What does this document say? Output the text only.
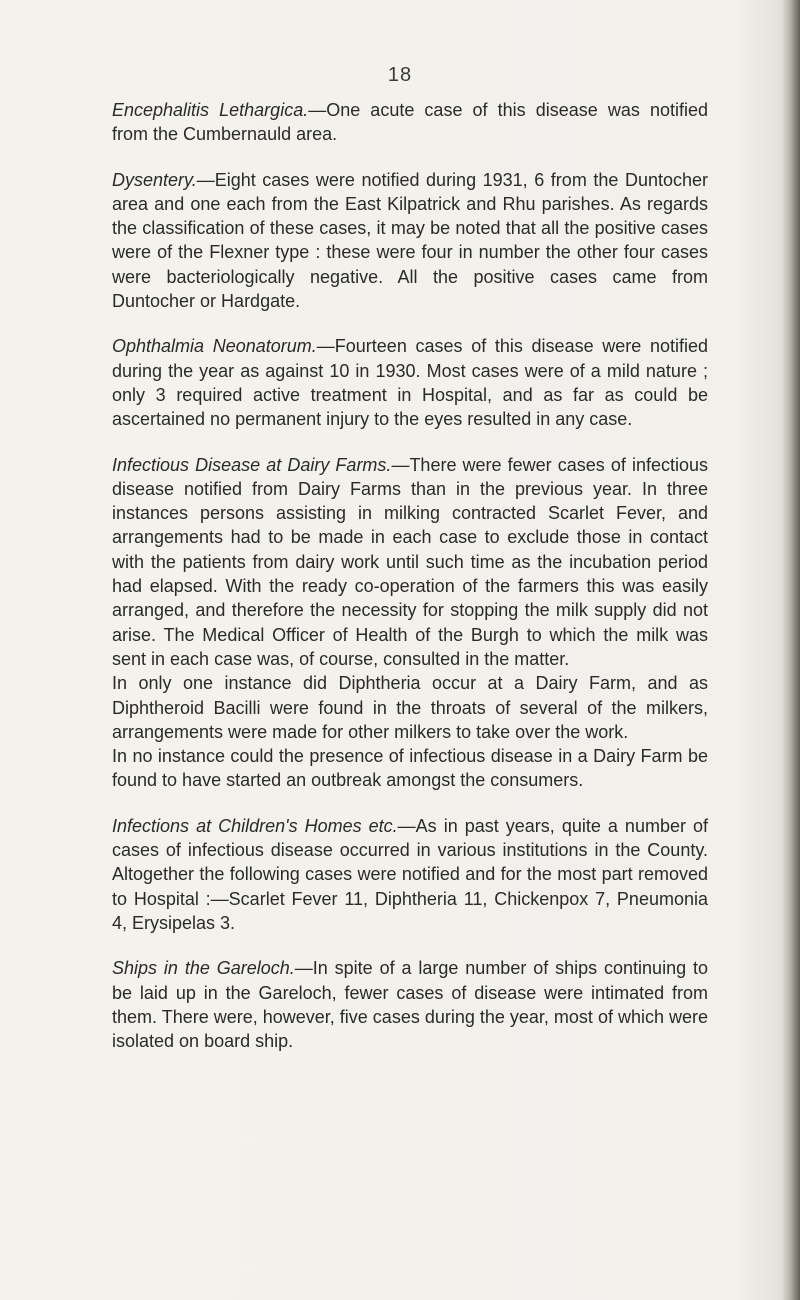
18

Encephalitis Lethargica.—One acute case of this disease was notified from the Cumbernauld area.

Dysentery.—Eight cases were notified during 1931, 6 from the Duntocher area and one each from the East Kilpatrick and Rhu parishes. As regards the classification of these cases, it may be noted that all the positive cases were of the Flexner type : these were four in number the other four cases were bacteriologically negative. All the positive cases came from Duntocher or Hardgate.

Ophthalmia Neonatorum.—Fourteen cases of this disease were notified during the year as against 10 in 1930. Most cases were of a mild nature ; only 3 required active treatment in Hospital, and as far as could be ascertained no permanent injury to the eyes resulted in any case.

Infectious Disease at Dairy Farms.—There were fewer cases of infectious disease notified from Dairy Farms than in the previous year. In three instances persons assisting in milking contracted Scarlet Fever, and arrangements had to be made in each case to exclude those in contact with the patients from dairy work until such time as the incubation period had elapsed. With the ready co-operation of the farmers this was easily arranged, and therefore the necessity for stopping the milk supply did not arise. The Medical Officer of Health of the Burgh to which the milk was sent in each case was, of course, consulted in the matter.

In only one instance did Diphtheria occur at a Dairy Farm, and as Diphtheroid Bacilli were found in the throats of several of the milkers, arrangements were made for other milkers to take over the work.

In no instance could the presence of infectious disease in a Dairy Farm be found to have started an outbreak amongst the consumers.

Infections at Children's Homes etc.—As in past years, quite a number of cases of infectious disease occurred in various institutions in the County. Altogether the following cases were notified and for the most part removed to Hospital :—Scarlet Fever 11, Diphtheria 11, Chickenpox 7, Pneumonia 4, Erysipelas 3.

Ships in the Gareloch.—In spite of a large number of ships continuing to be laid up in the Gareloch, fewer cases of disease were intimated from them. There were, however, five cases during the year, most of which were isolated on board ship.
